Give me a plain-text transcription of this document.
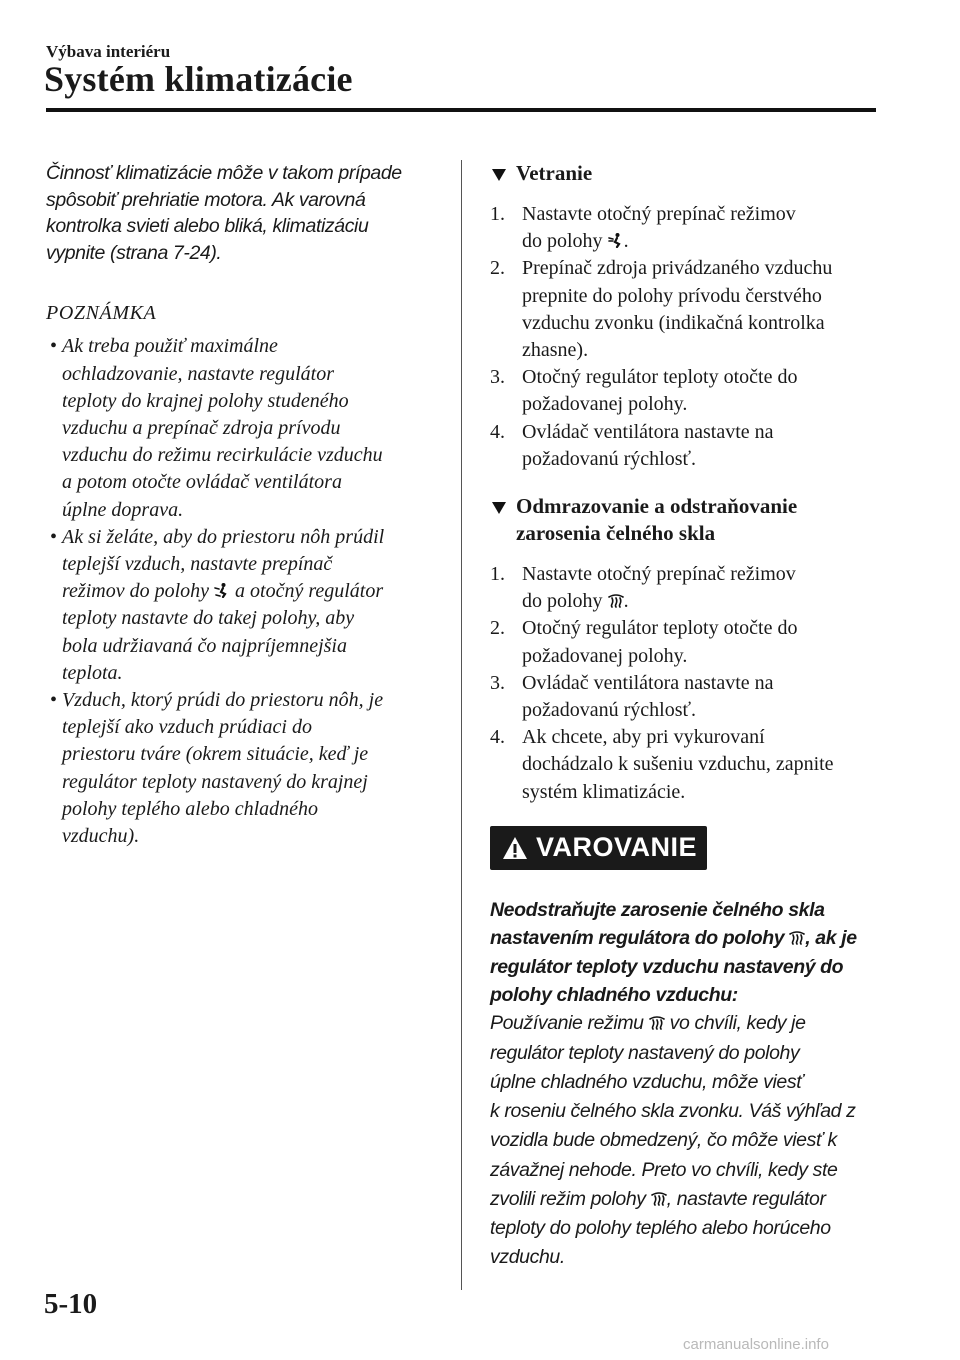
Výbava interiéru
Systém klimatizácie
Činnosť klimatizácie môže v takom prípade
spôsobiť prehriatie motora. Ak varovná
kontrolka svieti alebo bliká, klimatizáciu
vypnite (strana 7-24).
POZNÁMKA
• Ak treba použiť maximálne
ochladzovanie, nastavte regulátor
teploty do krajnej polohy studeného
vzduchu a prepínač zdroja prívodu
vzduchu do režimu recirkulácie vzduchu
a potom otočte ovládač ventilátora
úplne doprava.
• Ak si želáte, aby do priestoru nôh prúdil
teplejší vzduch, nastavte prepínač
režimov do polohy  a otočný regulátor
teploty nastavte do takej polohy, aby
bola udržiavaná čo najpríjemnejšia
teplota.
• Vzduch, ktorý prúdi do priestoru nôh, je
teplejší ako vzduch prúdiaci do
priestoru tváre (okrem situácie, keď je
regulátor teploty nastavený do krajnej
polohy teplého alebo chladného
vzduchu).
Vetranie
1. Nastavte otočný prepínač režimov
do polohy .
2. Prepínač zdroja privádzaného vzduchu
prepnite do polohy prívodu čerstvého
vzduchu zvonku (indikačná kontrolka
zhasne).
3. Otočný regulátor teploty otočte do
požadovanej polohy.
4. Ovládač ventilátora nastavte na
požadovanú rýchlosť.
Odmrazovanie a odstraňovanie
zarosenia čelného skla
1. Nastavte otočný prepínač režimov
do polohy .
2. Otočný regulátor teploty otočte do
požadovanej polohy.
3. Ovládač ventilátora nastavte na
požadovanú rýchlosť.
4. Ak chcete, aby pri vykurovaní
dochádzalo k sušeniu vzduchu, zapnite
systém klimatizácie.
VAROVANIE
Neodstraňujte zarosenie čelného skla
nastavením regulátora do polohy , ak je
regulátor teploty vzduchu nastavený do
polohy chladného vzduchu:
Používanie režimu  vo chvíli, kedy je
regulátor teploty nastavený do polohy
úplne chladného vzduchu, môže viesť
k roseniu čelného skla zvonku. Váš výhľad z
vozidla bude obmedzený, čo môže viesť k
závažnej nehode. Preto vo chvíli, kedy ste
zvolili režim polohy , nastavte regulátor
teploty do polohy teplého alebo horúceho
vzduchu.
5-10
carmanualsonline.info
